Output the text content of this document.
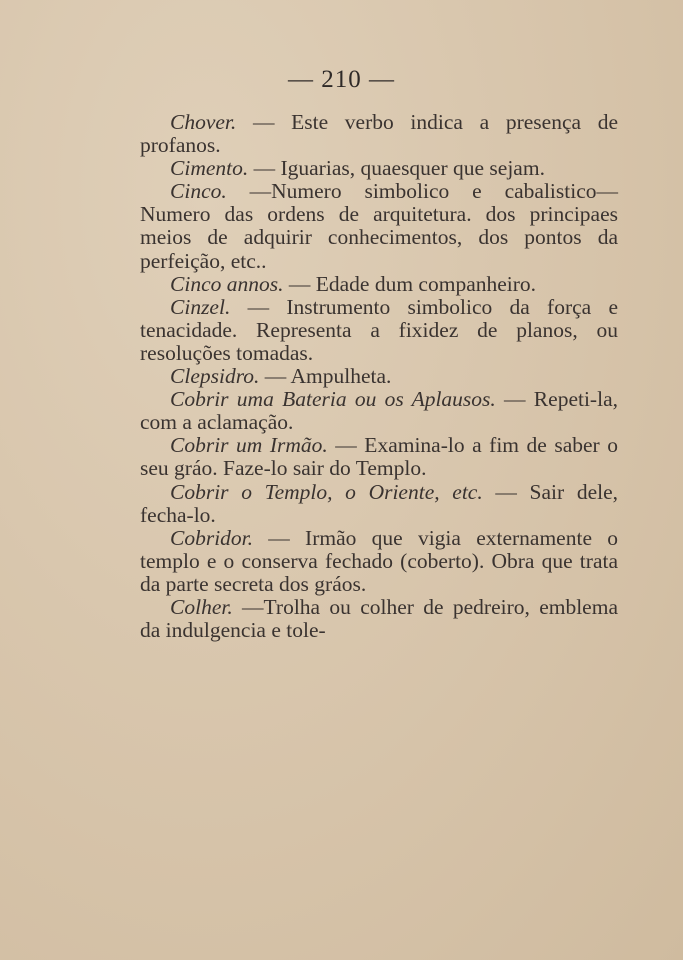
— 210 —

Chover. — Este verbo indica a presença de profanos.

Cimento. — Iguarias, quaesquer que sejam.

Cinco. —Numero simbolico e cabalistico—Numero das ordens de arquitetura. dos principaes meios de adquirir conhecimentos, dos pontos da perfeição, etc..

Cinco annos. — Edade dum companheiro.

Cinzel. — Instrumento simbolico da força e tenacidade. Representa a fixidez de planos, ou resoluções tomadas.

Clepsidro. — Ampulheta.

Cobrir uma Bateria ou os Aplausos. — Repeti-la, com a aclamação.

Cobrir um Irmão. — Examina-lo a fim de saber o seu gráo. Faze-lo sair do Templo.

Cobrir o Templo, o Oriente, etc. — Sair dele, fecha-lo.

Cobridor. — Irmão que vigia externamente o templo e o conserva fechado (coberto). Obra que trata da parte secreta dos gráos.

Colher. —Trolha ou colher de pedreiro, emblema da indulgencia e tole-
